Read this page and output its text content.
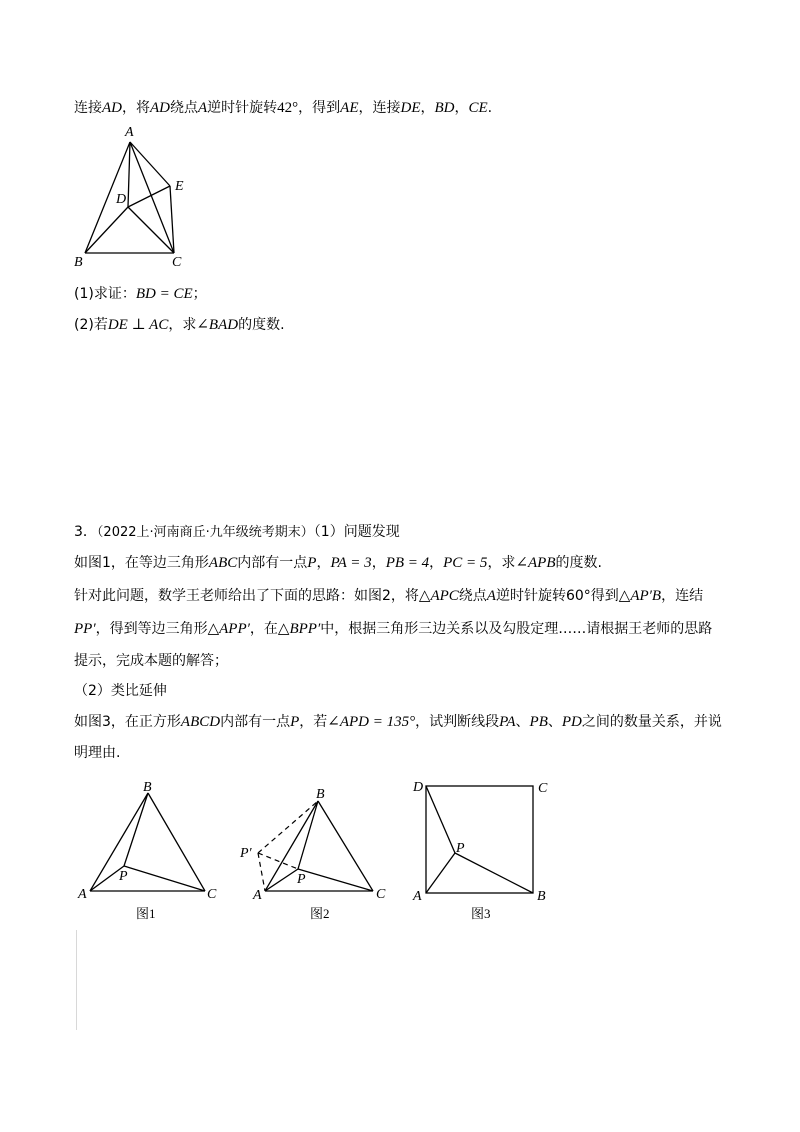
连接AD，将AD绕点A逆时针旋转42°，得到AE，连接DE，BD，CE.
A
D
E
B	C
(1)求证：BD = CE；
(2)若DE ⊥ AC，求∠BAD的度数.
3．（2022上·河南商丘·九年级统考期末）（1）问题发现
如图1，在等边三角形ABC内部有一点P，PA = 3，PB = 4，PC = 5，求∠APB的度数.
针对此问题，数学王老师给出了下面的思路：如图2，将△APC绕点A逆时针旋转60°得到△AP′B，连结
PP′，得到等边三角形△APP′，在△BPP′中，根据三角形三边关系以及勾股定理……请根据王老师的思路
提示，完成本题的解答；
（2）类比延伸
如图3，在正方形ABCD内部有一点P，若∠APD = 135°，试判断线段PA、PB、PD之间的数量关系，并说
明理由.
B
P
A	C
图1
B
P′
P
A	C
图2
D	C
P
A	B
图3
